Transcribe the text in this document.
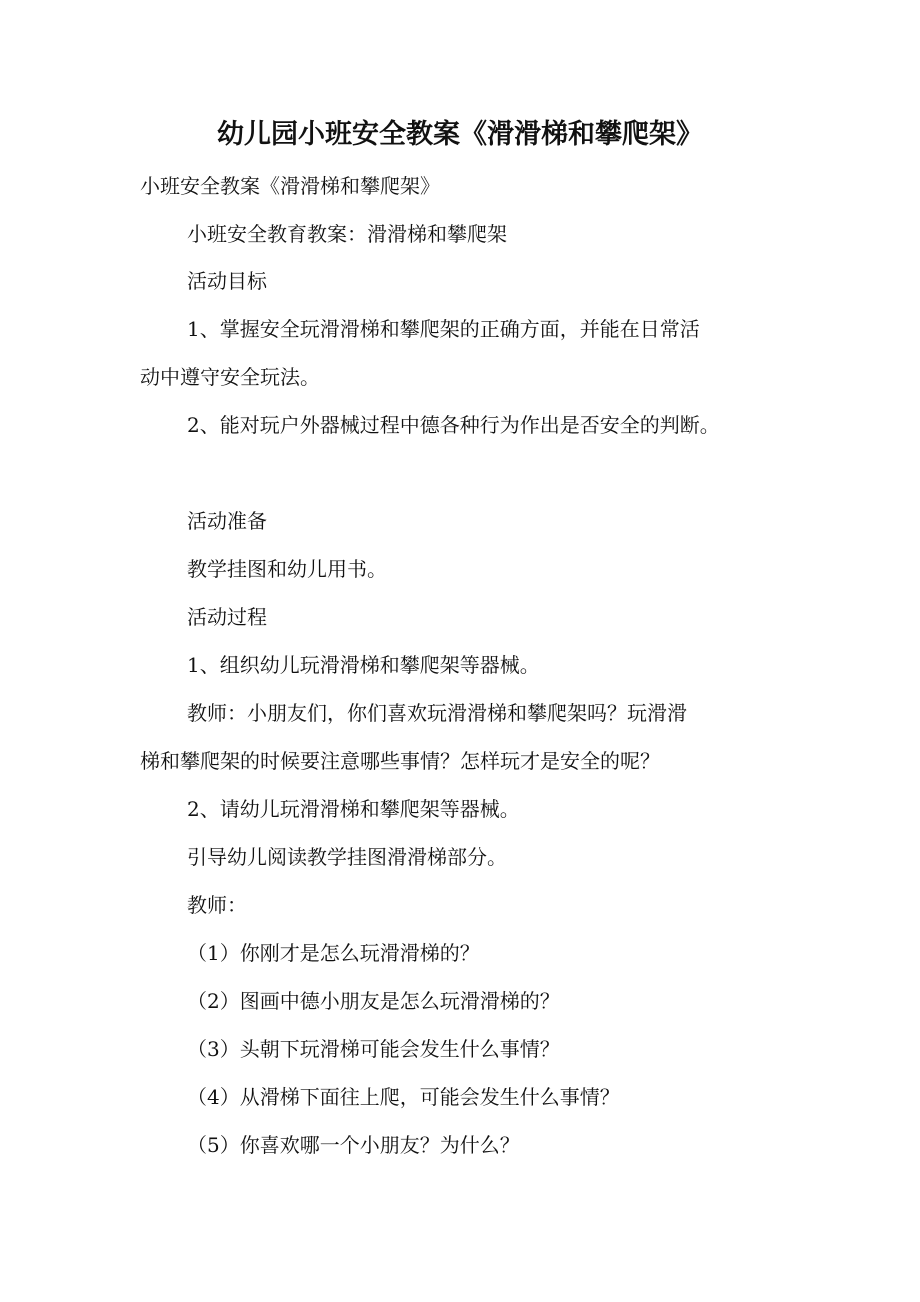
幼儿园小班安全教案《滑滑梯和攀爬架》
小班安全教案《滑滑梯和攀爬架》
小班安全教育教案：滑滑梯和攀爬架
活动目标
1、掌握安全玩滑滑梯和攀爬架的正确方面，并能在日常活
动中遵守安全玩法。
2、能对玩户外器械过程中德各种行为作出是否安全的判断。
活动准备
教学挂图和幼儿用书。
活动过程
1、组织幼儿玩滑滑梯和攀爬架等器械。
教师：小朋友们，你们喜欢玩滑滑梯和攀爬架吗？玩滑滑
梯和攀爬架的时候要注意哪些事情？怎样玩才是安全的呢？
2、请幼儿玩滑滑梯和攀爬架等器械。
引导幼儿阅读教学挂图滑滑梯部分。
教师：
（1）你刚才是怎么玩滑滑梯的？
（2）图画中德小朋友是怎么玩滑滑梯的？
（3）头朝下玩滑梯可能会发生什么事情？
（4）从滑梯下面往上爬，可能会发生什么事情？
（5）你喜欢哪一个小朋友？为什么？
